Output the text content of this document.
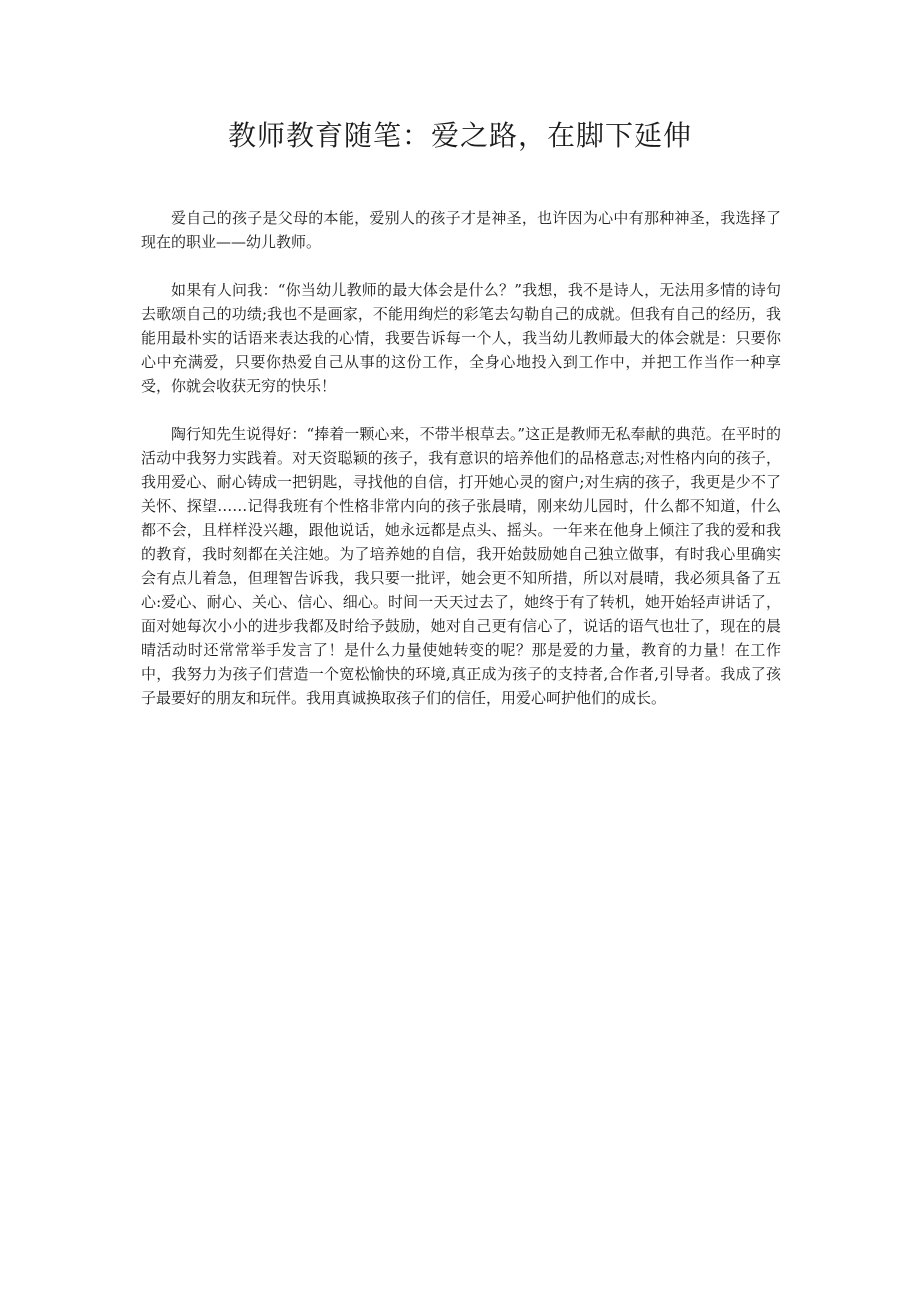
教师教育随笔：爱之路，在脚下延伸

爱自己的孩子是父母的本能，爱别人的孩子才是神圣，也许因为心中有那种神圣，我选择了现在的职业——幼儿教师。

如果有人问我：“你当幼儿教师的最大体会是什么？”我想，我不是诗人，无法用多情的诗句去歌颂自己的功绩;我也不是画家，不能用绚烂的彩笔去勾勒自己的成就。但我有自己的经历，我能用最朴实的话语来表达我的心情，我要告诉每一个人，我当幼儿教师最大的体会就是：只要你心中充满爱，只要你热爱自己从事的这份工作，全身心地投入到工作中，并把工作当作一种享受，你就会收获无穷的快乐！

陶行知先生说得好：“捧着一颗心来，不带半根草去。”这正是教师无私奉献的典范。在平时的活动中我努力实践着。对天资聪颖的孩子，我有意识的培养他们的品格意志;对性格内向的孩子，我用爱心、耐心铸成一把钥匙，寻找他的自信，打开她心灵的窗户;对生病的孩子，我更是少不了关怀、探望……记得我班有个性格非常内向的孩子张晨晴，刚来幼儿园时，什么都不知道，什么都不会，且样样没兴趣，跟他说话，她永远都是点头、摇头。一年来在他身上倾注了我的爱和我的教育，我时刻都在关注她。为了培养她的自信，我开始鼓励她自己独立做事，有时我心里确实会有点儿着急，但理智告诉我，我只要一批评，她会更不知所措，所以对晨晴，我必须具备了五心:爱心、耐心、关心、信心、细心。时间一天天过去了，她终于有了转机，她开始轻声讲话了，面对她每次小小的进步我都及时给予鼓励，她对自己更有信心了，说话的语气也壮了，现在的晨晴活动时还常常举手发言了！是什么力量使她转变的呢？那是爱的力量，教育的力量！在工作中，我努力为孩子们营造一个宽松愉快的环境,真正成为孩子的支持者,合作者,引导者。我成了孩子最要好的朋友和玩伴。我用真诚换取孩子们的信任，用爱心呵护他们的成长。
